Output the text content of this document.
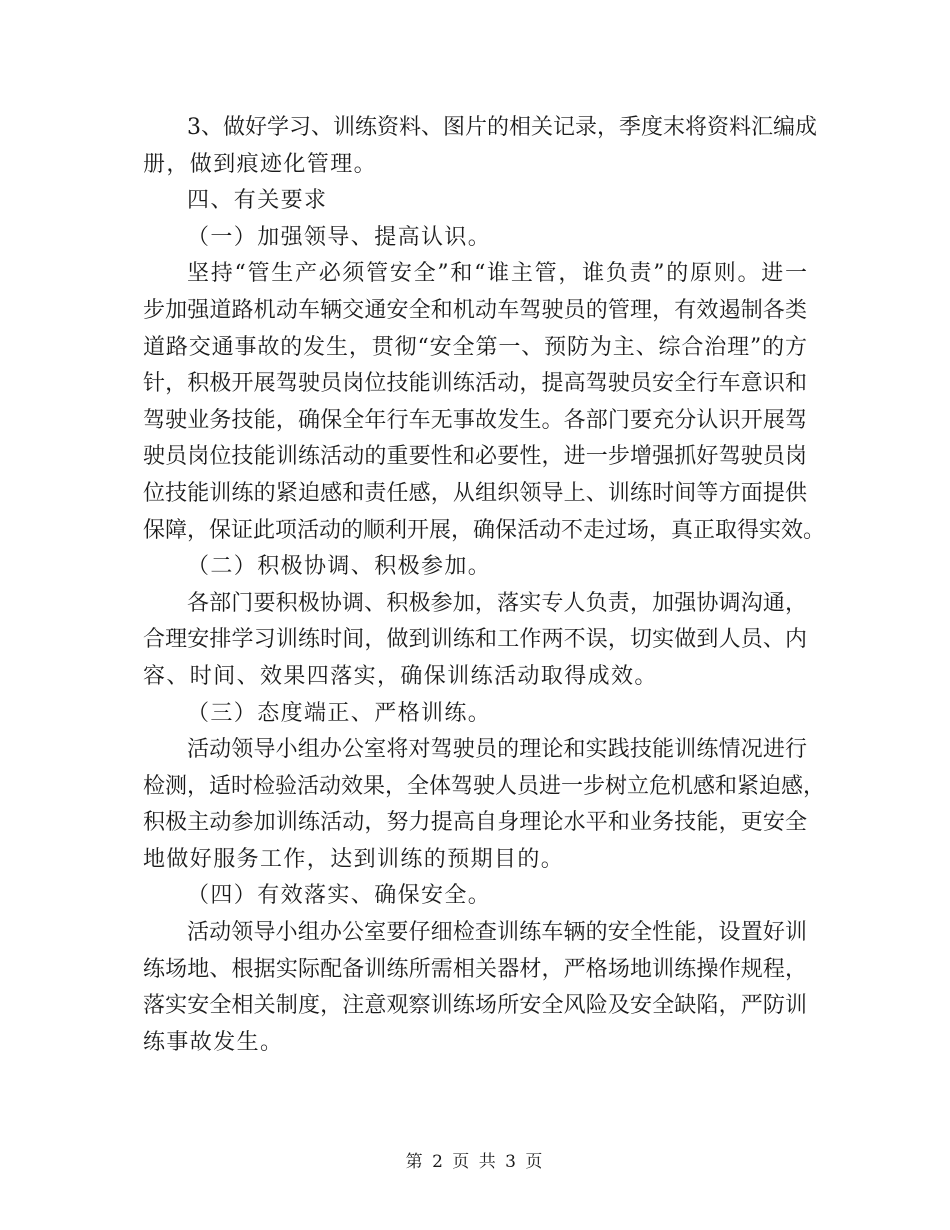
3、做好学习、训练资料、图片的相关记录，季度末将资料汇编成
册，做到痕迹化管理。
四、有关要求
（一）加强领导、提高认识。
坚持“管生产必须管安全”和“谁主管，谁负责”的原则。进一
步加强道路机动车辆交通安全和机动车驾驶员的管理，有效遏制各类
道路交通事故的发生，贯彻“安全第一、预防为主、综合治理”的方
针，积极开展驾驶员岗位技能训练活动，提高驾驶员安全行车意识和
驾驶业务技能，确保全年行车无事故发生。各部门要充分认识开展驾
驶员岗位技能训练活动的重要性和必要性，进一步增强抓好驾驶员岗
位技能训练的紧迫感和责任感，从组织领导上、训练时间等方面提供
保障，保证此项活动的顺利开展，确保活动不走过场，真正取得实效。
（二）积极协调、积极参加。
各部门要积极协调、积极参加，落实专人负责，加强协调沟通，
合理安排学习训练时间，做到训练和工作两不误，切实做到人员、内
容、时间、效果四落实，确保训练活动取得成效。
（三）态度端正、严格训练。
活动领导小组办公室将对驾驶员的理论和实践技能训练情况进行
检测，适时检验活动效果，全体驾驶人员进一步树立危机感和紧迫感，
积极主动参加训练活动，努力提高自身理论水平和业务技能，更安全
地做好服务工作，达到训练的预期目的。
（四）有效落实、确保安全。
活动领导小组办公室要仔细检查训练车辆的安全性能，设置好训
练场地、根据实际配备训练所需相关器材，严格场地训练操作规程，
落实安全相关制度，注意观察训练场所安全风险及安全缺陷，严防训
练事故发生。
第 2 页 共 3 页
